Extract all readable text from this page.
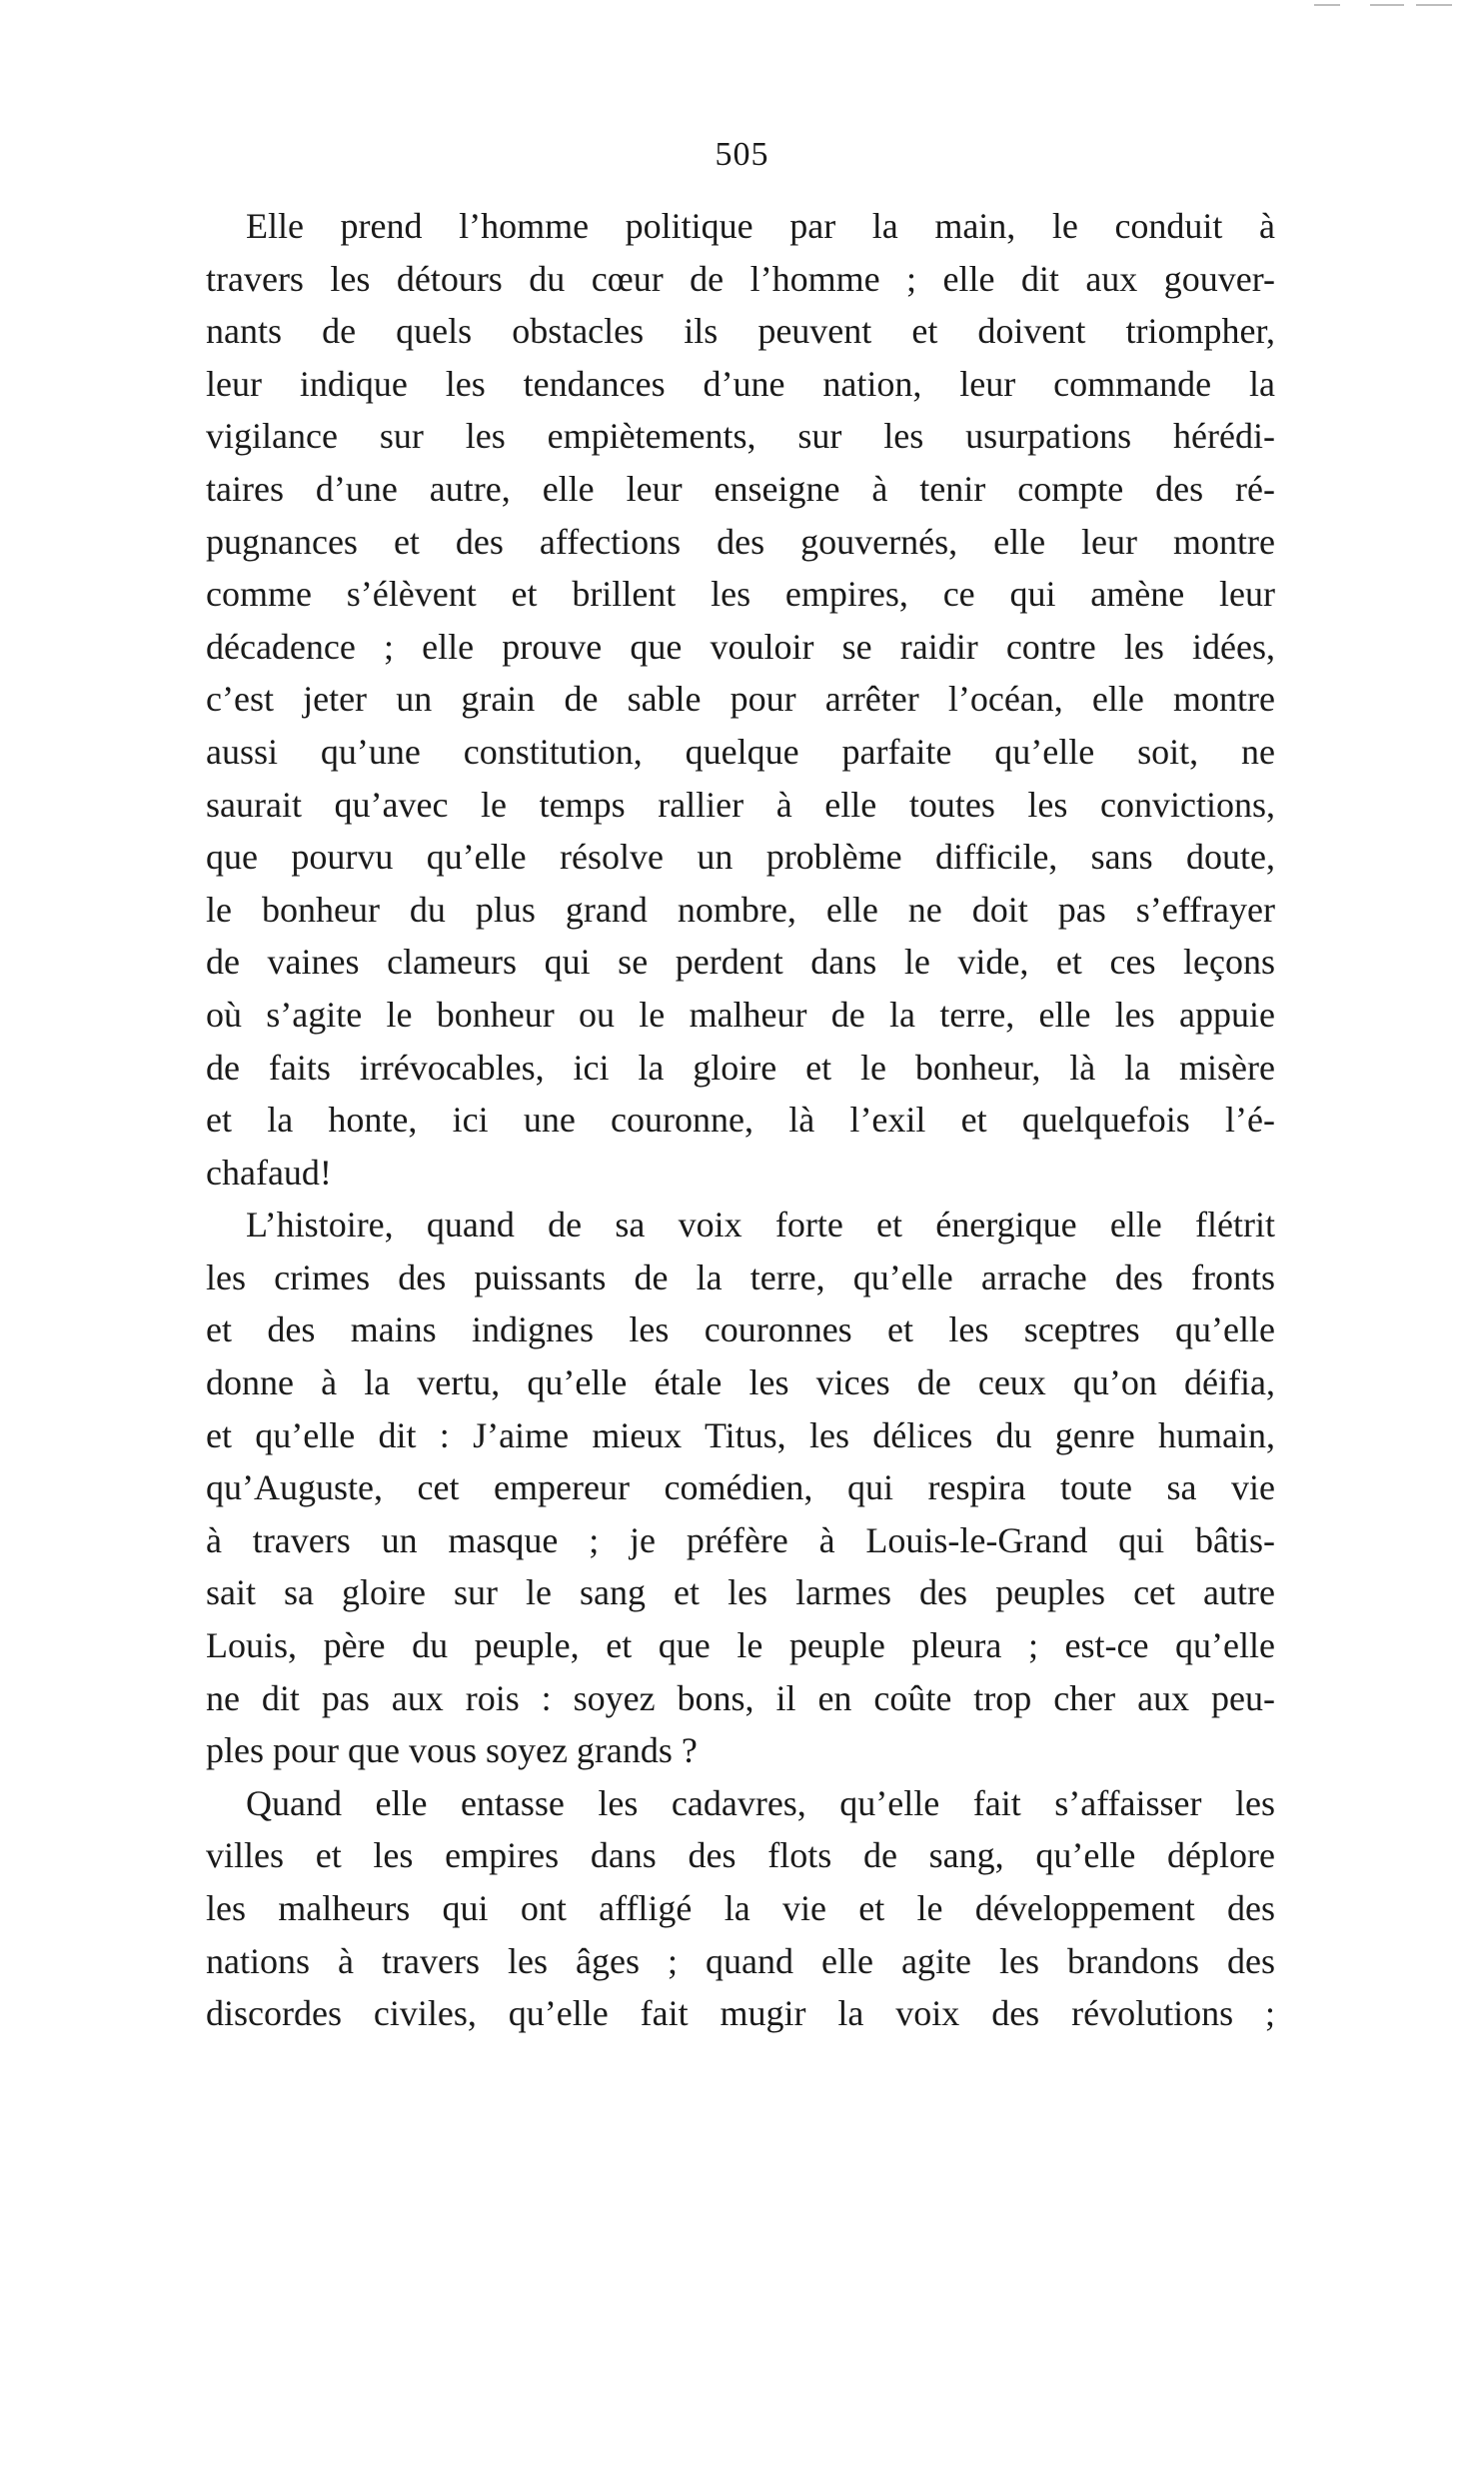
505
Elle prend l’homme politique par la main, le conduit à
travers les détours du cœur de l’homme ; elle dit aux gouver-
nants de quels obstacles ils peuvent et doivent triompher,
leur indique les tendances d’une nation, leur commande la
vigilance sur les empiètements, sur les usurpations hérédi-
taires d’une autre, elle leur enseigne à tenir compte des ré-
pugnances et des affections des gouvernés, elle leur montre
comme s’élèvent et brillent les empires, ce qui amène leur
décadence ; elle prouve que vouloir se raidir contre les idées,
c’est jeter un grain de sable pour arrêter l’océan, elle montre
aussi qu’une constitution, quelque parfaite qu’elle soit, ne
saurait qu’avec le temps rallier à elle toutes les convictions,
que pourvu qu’elle résolve un problème difficile, sans doute,
le bonheur du plus grand nombre, elle ne doit pas s’effrayer
de vaines clameurs qui se perdent dans le vide, et ces leçons
où s’agite le bonheur ou le malheur de la terre, elle les appuie
de faits irrévocables, ici la gloire et le bonheur, là la misère
et la honte, ici une couronne, là l’exil et quelquefois l’é-
chafaud!
L’histoire, quand de sa voix forte et énergique elle flétrit
les crimes des puissants de la terre, qu’elle arrache des fronts
et des mains indignes les couronnes et les sceptres qu’elle
donne à la vertu, qu’elle étale les vices de ceux qu’on déifia,
et qu’elle dit : J’aime mieux Titus, les délices du genre humain,
qu’Auguste, cet empereur comédien, qui respira toute sa vie
à travers un masque ; je préfère à Louis-le-Grand qui bâtis-
sait sa gloire sur le sang et les larmes des peuples cet autre
Louis, père du peuple, et que le peuple pleura ; est-ce qu’elle
ne dit pas aux rois : soyez bons, il en coûte trop cher aux peu-
ples pour que vous soyez grands ?
Quand elle entasse les cadavres, qu’elle fait s’affaisser les
villes et les empires dans des flots de sang, qu’elle déplore
les malheurs qui ont affligé la vie et le développement des
nations à travers les âges ; quand elle agite les brandons des
discordes civiles, qu’elle fait mugir la voix des révolutions ;
